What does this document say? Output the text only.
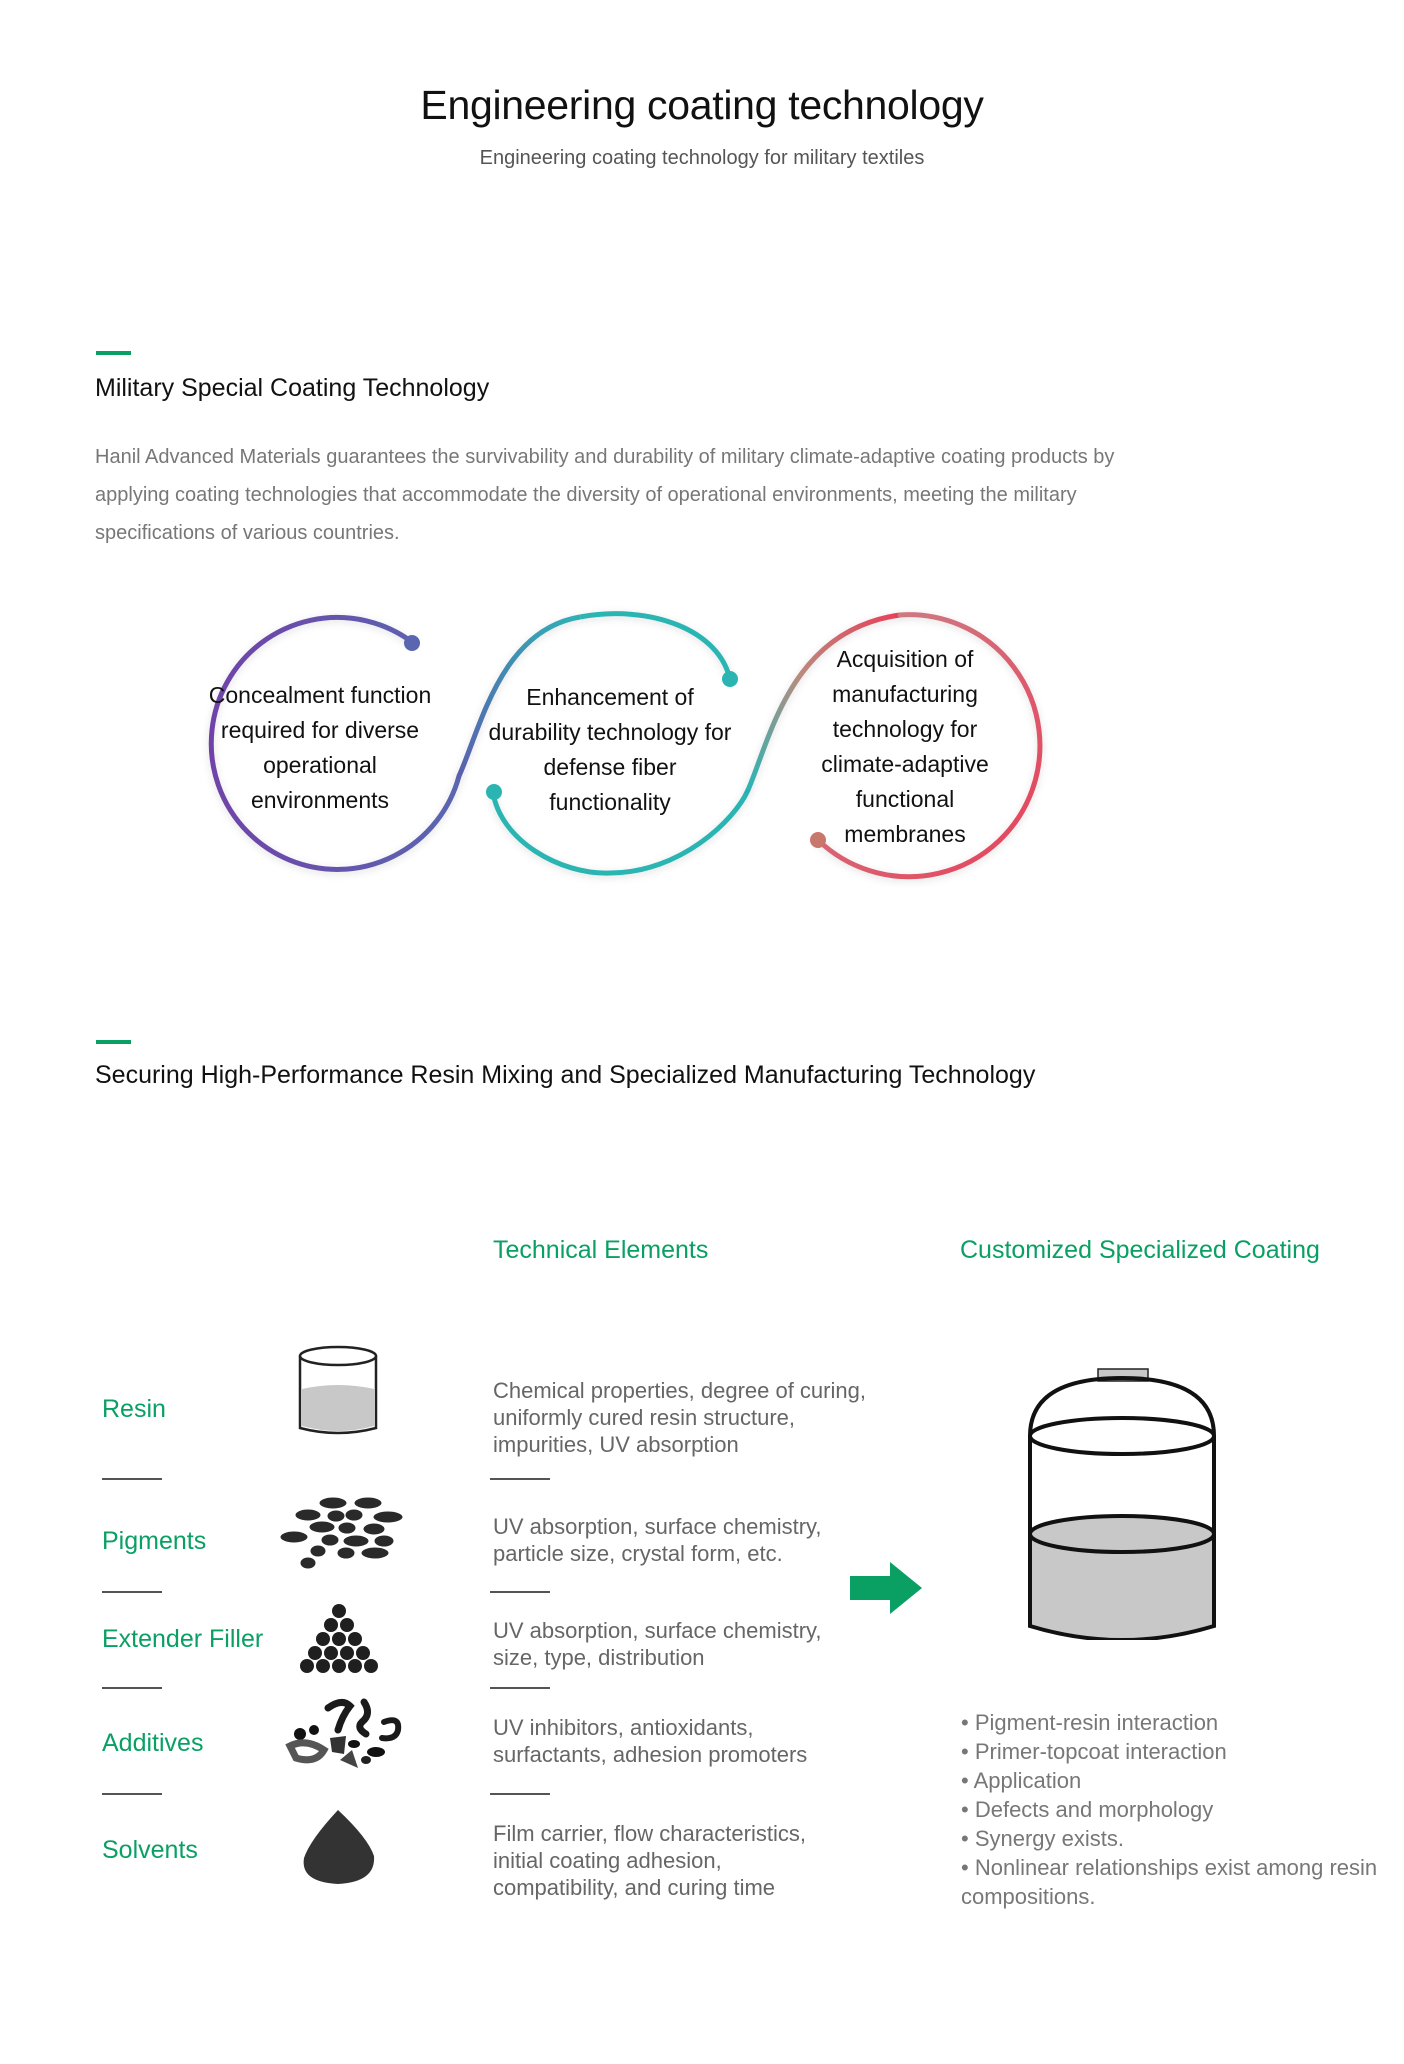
Engineering coating technology
Engineering coating technology for military textiles
Military Special Coating Technology
Hanil Advanced Materials guarantees the survivability and durability of military climate-adaptive coating products by
applying coating technologies that accommodate the diversity of operational environments, meeting the military
specifications of various countries.
Concealment function
required for diverse
operational
environments
Enhancement of
durability technology for
defense fiber
functionality
Acquisition of
manufacturing
technology for
climate-adaptive
functional
membranes
Securing High-Performance Resin Mixing and Specialized Manufacturing Technology
Technical Elements	Customized Specialized Coating
Resin
Pigments
Extender Filler
Additives
Solvents
Chemical properties, degree of curing,
uniformly cured resin structure,
impurities, UV absorption
UV absorption, surface chemistry,
particle size, crystal form, etc.
UV absorption, surface chemistry,
size, type, distribution
UV inhibitors, antioxidants,
surfactants, adhesion promoters
Film carrier, flow characteristics,
initial coating adhesion,
compatibility, and curing time
• Pigment-resin interaction
• Primer-topcoat interaction
• Application
• Defects and morphology
• Synergy exists.
• Nonlinear relationships exist among resin compositions.
